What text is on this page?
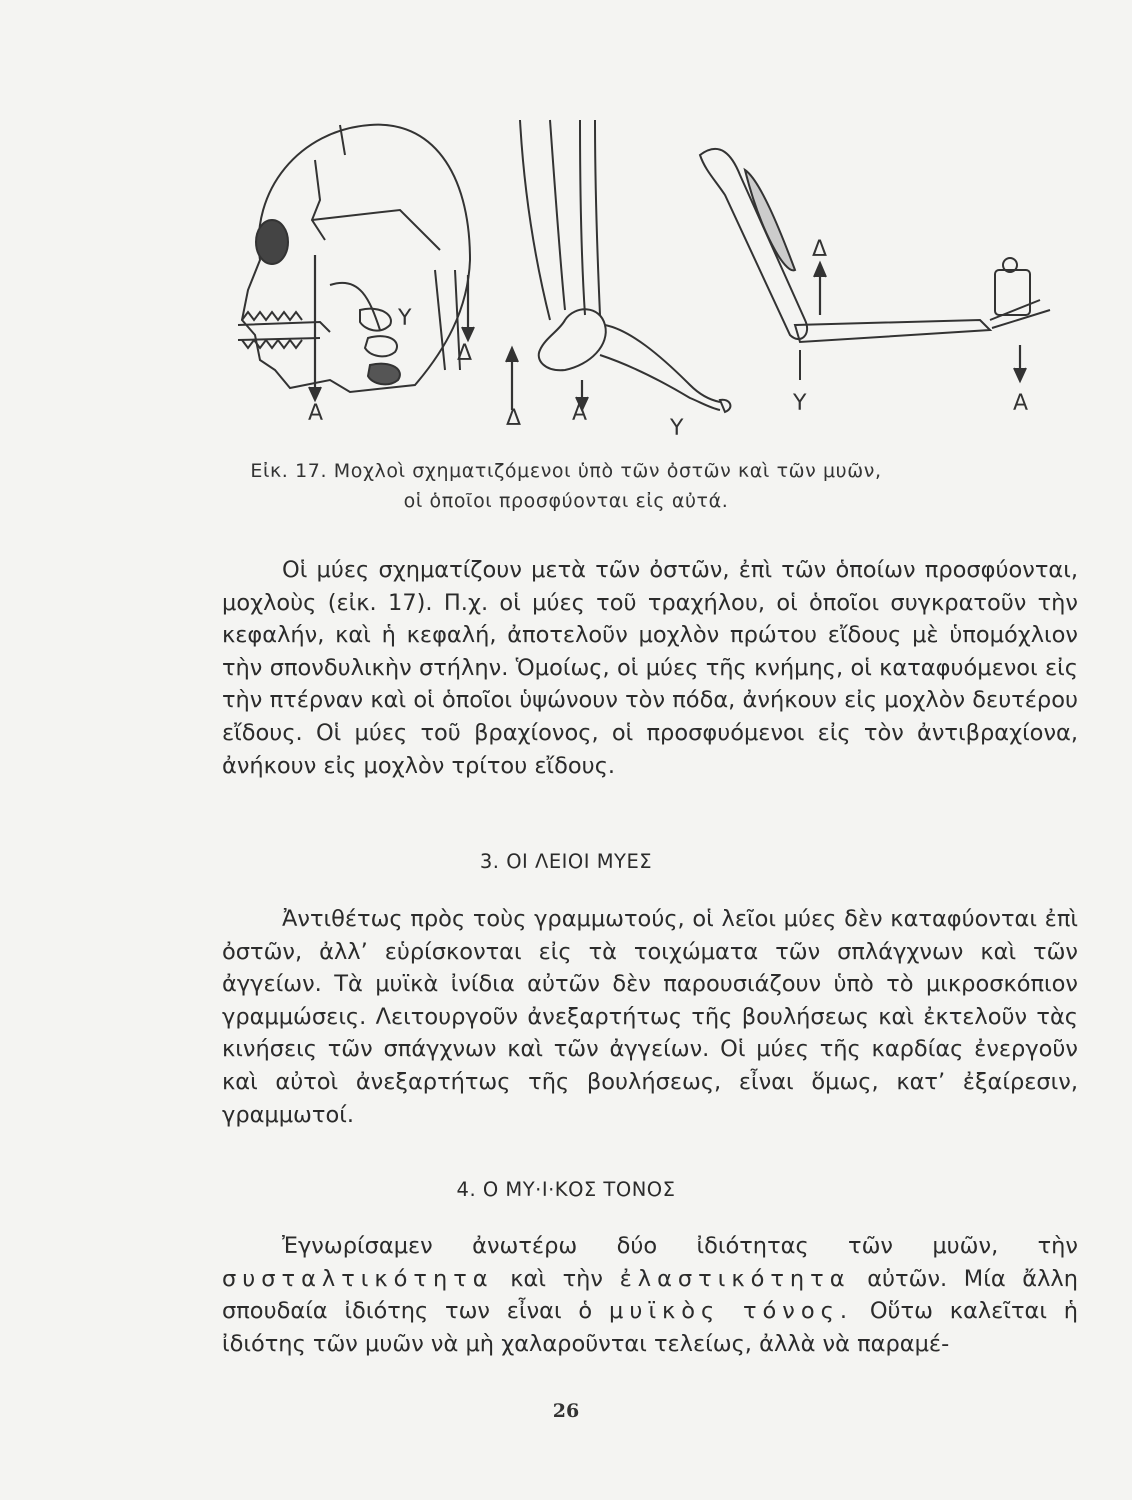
Α
Υ
Δ
Δ Α
Υ
Δ
Υ	Α
Εἰκ. 17. Μοχλοὶ σχηματιζόμενοι ὑπὸ τῶν ὀστῶν καὶ τῶν μυῶν,
οἱ ὁποῖοι προσφύονται εἰς αὐτά.

Οἱ μύες σχηματίζουν μετὰ τῶν ὀστῶν, ἐπὶ τῶν ὁποίων προσφύονται, μοχλοὺς (εἰκ. 17). Π.χ. οἱ μύες τοῦ τραχήλου, οἱ ὁποῖοι συγκρατοῦν τὴν κεφαλήν, καὶ ἡ κεφαλή, ἀποτελοῦν μοχλὸν πρώτου εἴδους μὲ ὑπομόχλιον τὴν σπονδυλικὴν στήλην. Ὁμοίως, οἱ μύες τῆς κνήμης, οἱ καταφυόμενοι εἰς τὴν πτέρναν καὶ οἱ ὁποῖοι ὑψώνουν τὸν πόδα, ἀνήκουν εἰς μοχλὸν δευτέρου εἴδους. Οἱ μύες τοῦ βραχίονος, οἱ προσφυόμενοι εἰς τὸν ἀντιβραχίονα, ἀνήκουν εἰς μοχλὸν τρίτου εἴδους.

3. ΟΙ ΛΕΙΟΙ ΜΥΕΣ

Ἀντιθέτως πρὸς τοὺς γραμμωτούς, οἱ λεῖοι μύες δὲν καταφύονται ἐπὶ ὀστῶν, ἀλλ’ εὑρίσκονται εἰς τὰ τοιχώματα τῶν σπλάγχνων καὶ τῶν ἀγγείων. Τὰ μυϊκὰ ἰνίδια αὐτῶν δὲν παρουσιάζουν ὑπὸ τὸ μικροσκόπιον γραμμώσεις. Λειτουργοῦν ἀνεξαρτήτως τῆς βουλήσεως καὶ ἐκτελοῦν τὰς κινήσεις τῶν σπάγχνων καὶ τῶν ἀγγείων. Οἱ μύες τῆς καρδίας ἐνεργοῦν καὶ αὐτοὶ ἀνεξαρτήτως τῆς βουλήσεως, εἶναι ὅμως, κατ’ ἐξαίρεσιν, γραμμωτοί.

4. Ο ΜΥ·Ι·ΚΟΣ ΤΟΝΟΣ

Ἐγνωρίσαμεν ἀνωτέρω δύο ἰδιότητας τῶν μυῶν, τὴν συσταλτικότητα καὶ τὴν ἐλαστικότητα αὐτῶν. Μία ἄλλη σπουδαία ἰδιότης των εἶναι ὁ μυϊκὸς τόνος. Οὕτω καλεῖται ἡ ἰδιότης τῶν μυῶν νὰ μὴ χαλαροῦνται τελείως, ἀλλὰ νὰ παραμέ-

26
